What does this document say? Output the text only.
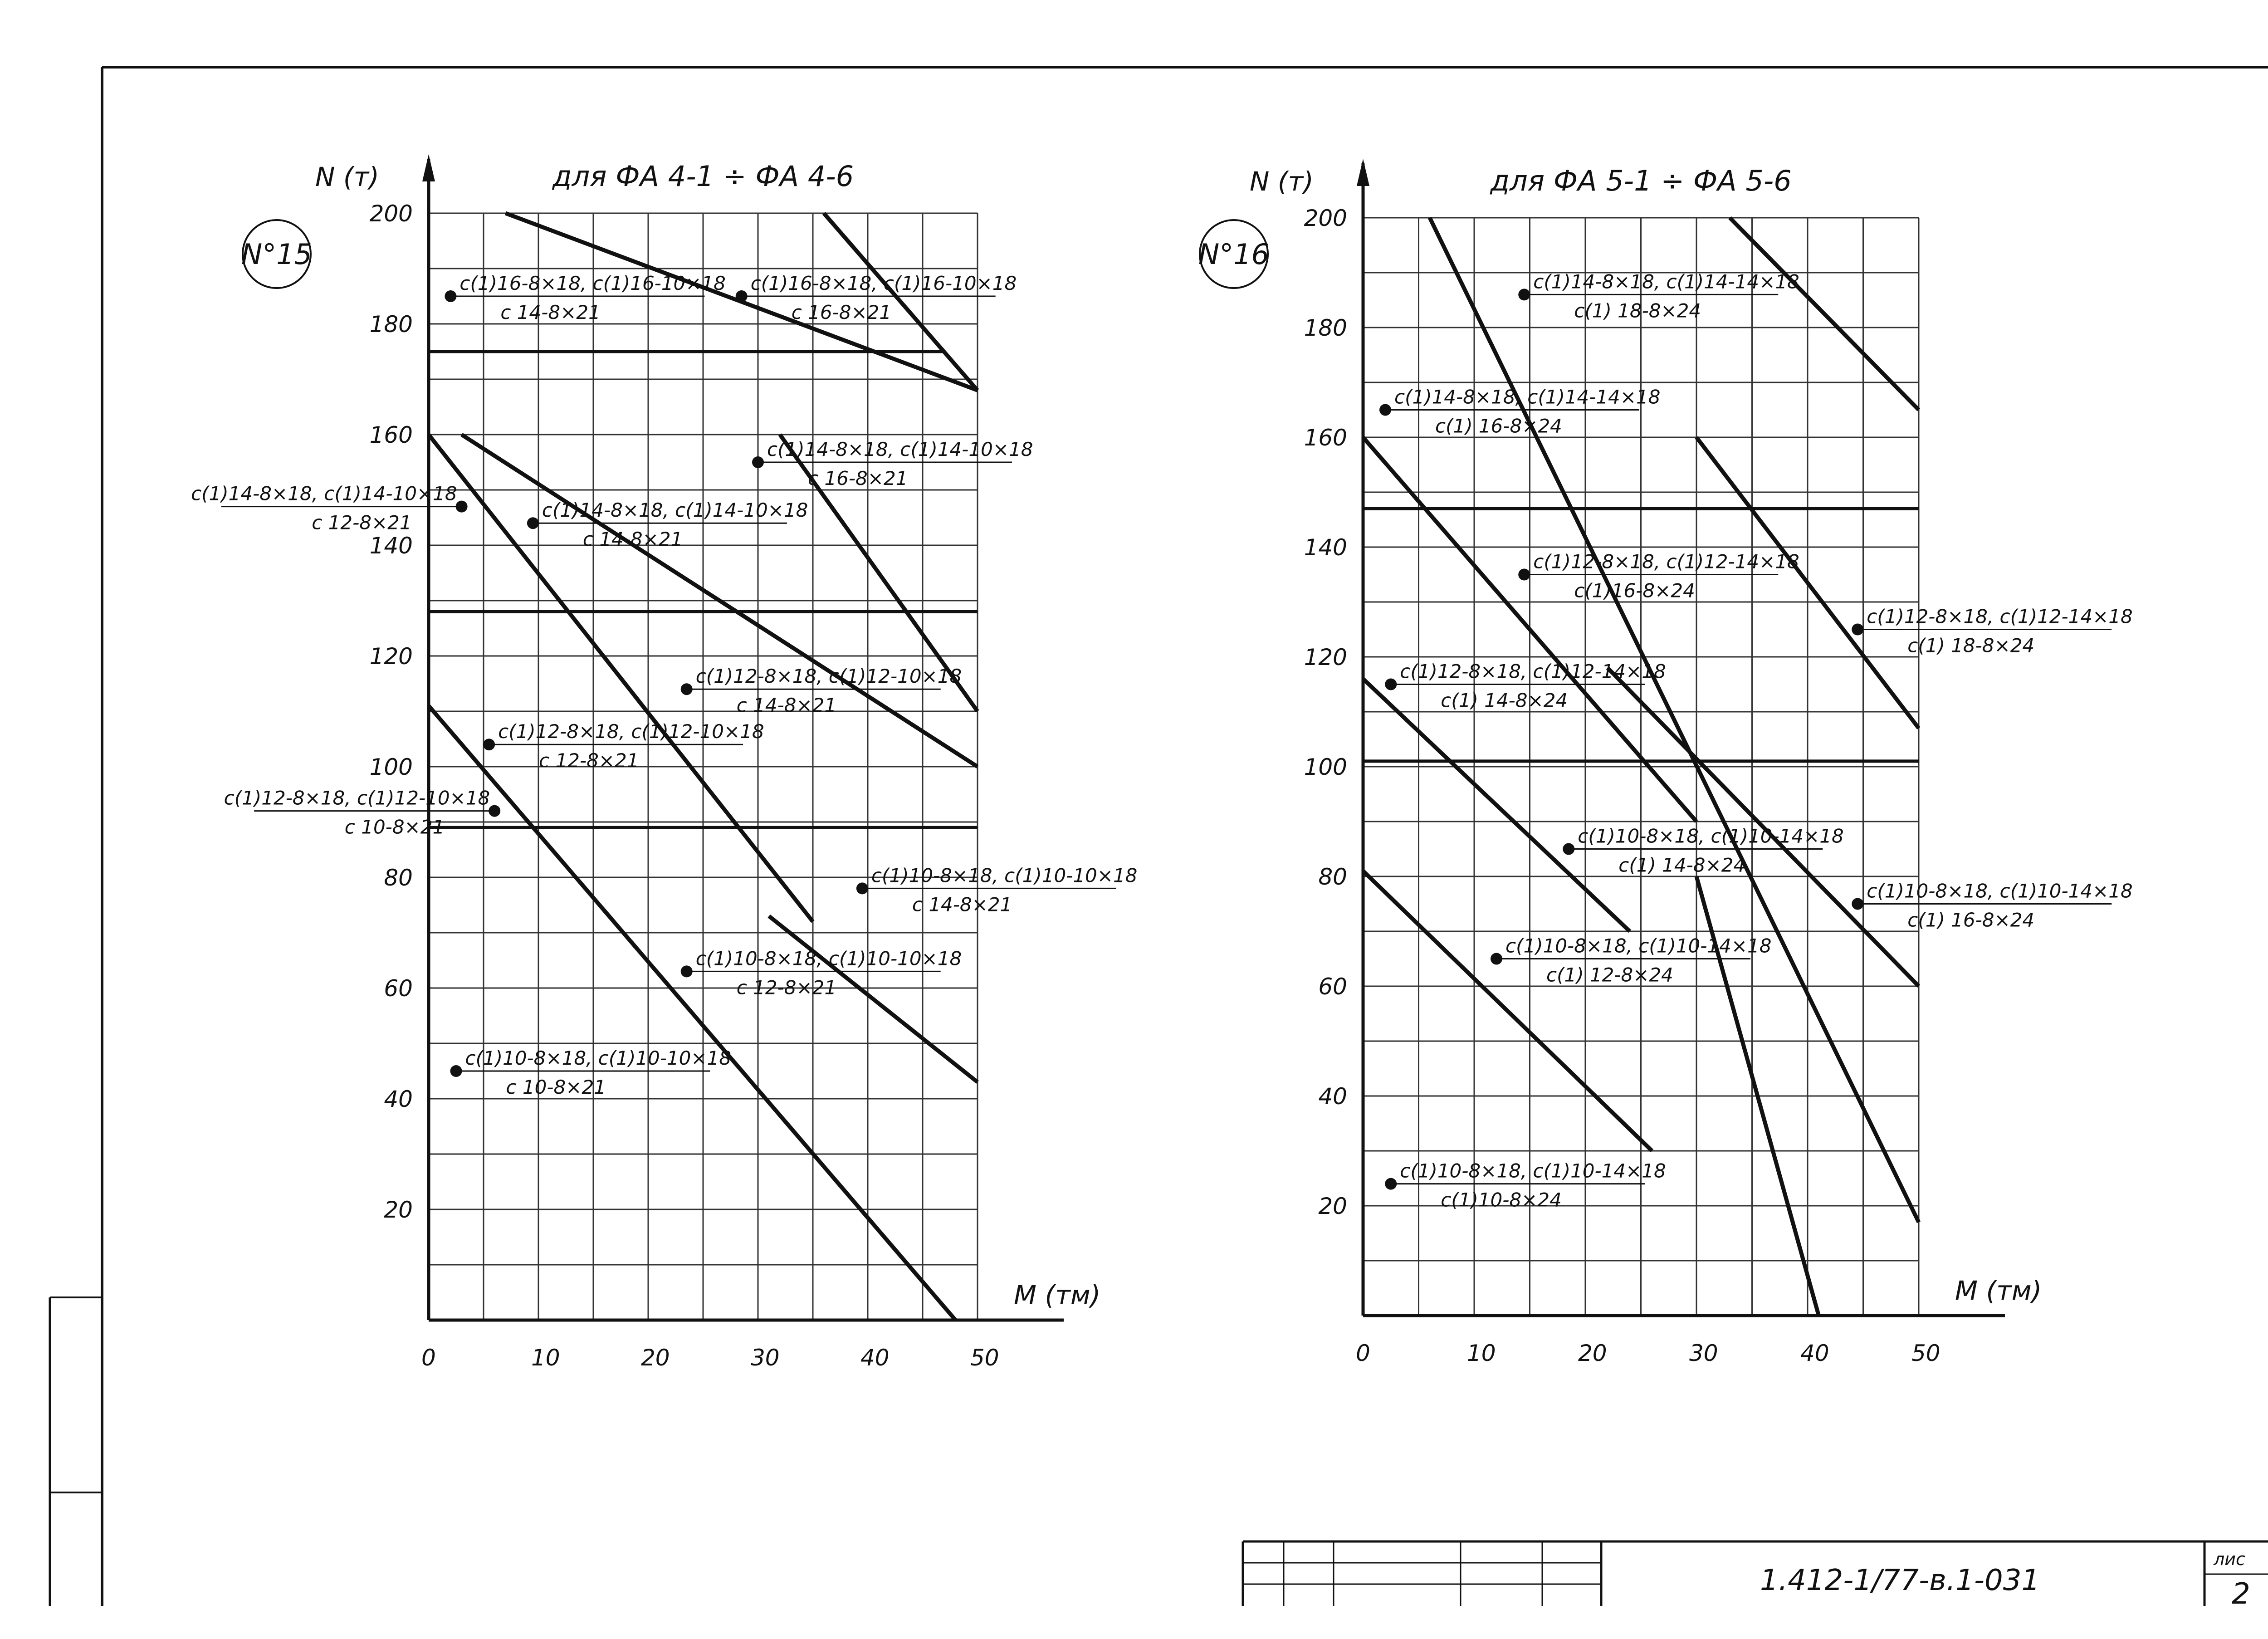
0	10	20	30	40	50
20
40
60
80
100
120
140
160
180
200
N (т)
M (тм)
для ФА 4-1 ÷ ФА 4-6
N°15
с(1)16-8×18, с(1)16-10×18
с 14-8×21
с(1)16-8×18, с(1)16-10×18
с 16-8×21
с(1)14-8×18, с(1)14-10×18
с 16-8×21
с(1)14-8×18, с(1)14-10×18
с 12-8×21
с(1)14-8×18, с(1)14-10×18
с 14-8×21
с(1)12-8×18, с(1)12-10×18
с 14-8×21
с(1)12-8×18, с(1)12-10×18
с 12-8×21
с(1)12-8×18, с(1)12-10×18
с 10-8×21
с(1)10-8×18, с(1)10-10×18
с 14-8×21
с(1)10-8×18, с(1)10-10×18
с 12-8×21
с(1)10-8×18, с(1)10-10×18
с 10-8×21
0	10	20	30	40	50
20
40
60
80
100
120
140
160
180
200
N (т)
M (тм)
для ФА 5-1 ÷ ФА 5-6
N°16
с(1)14-8×18, с(1)14-14×18
с(1) 18-8×24
с(1)14-8×18, с(1)14-14×18
с(1) 16-8×24
с(1)12-8×18, с(1)12-14×18
с(1)16-8×24
с(1)12-8×18, с(1)12-14×18
с(1) 18-8×24
с(1)12-8×18, с(1)12-14×18
с(1) 14-8×24
с(1)10-8×18, с(1)10-14×18
с(1) 14-8×24
с(1)10-8×18, с(1)10-14×18
с(1) 16-8×24
с(1)10-8×18, с(1)10-14×18
с(1) 12-8×24
с(1)10-8×18, с(1)10-14×18
с(1)10-8×24
1.412-1/77-в.1-031
лис
2
